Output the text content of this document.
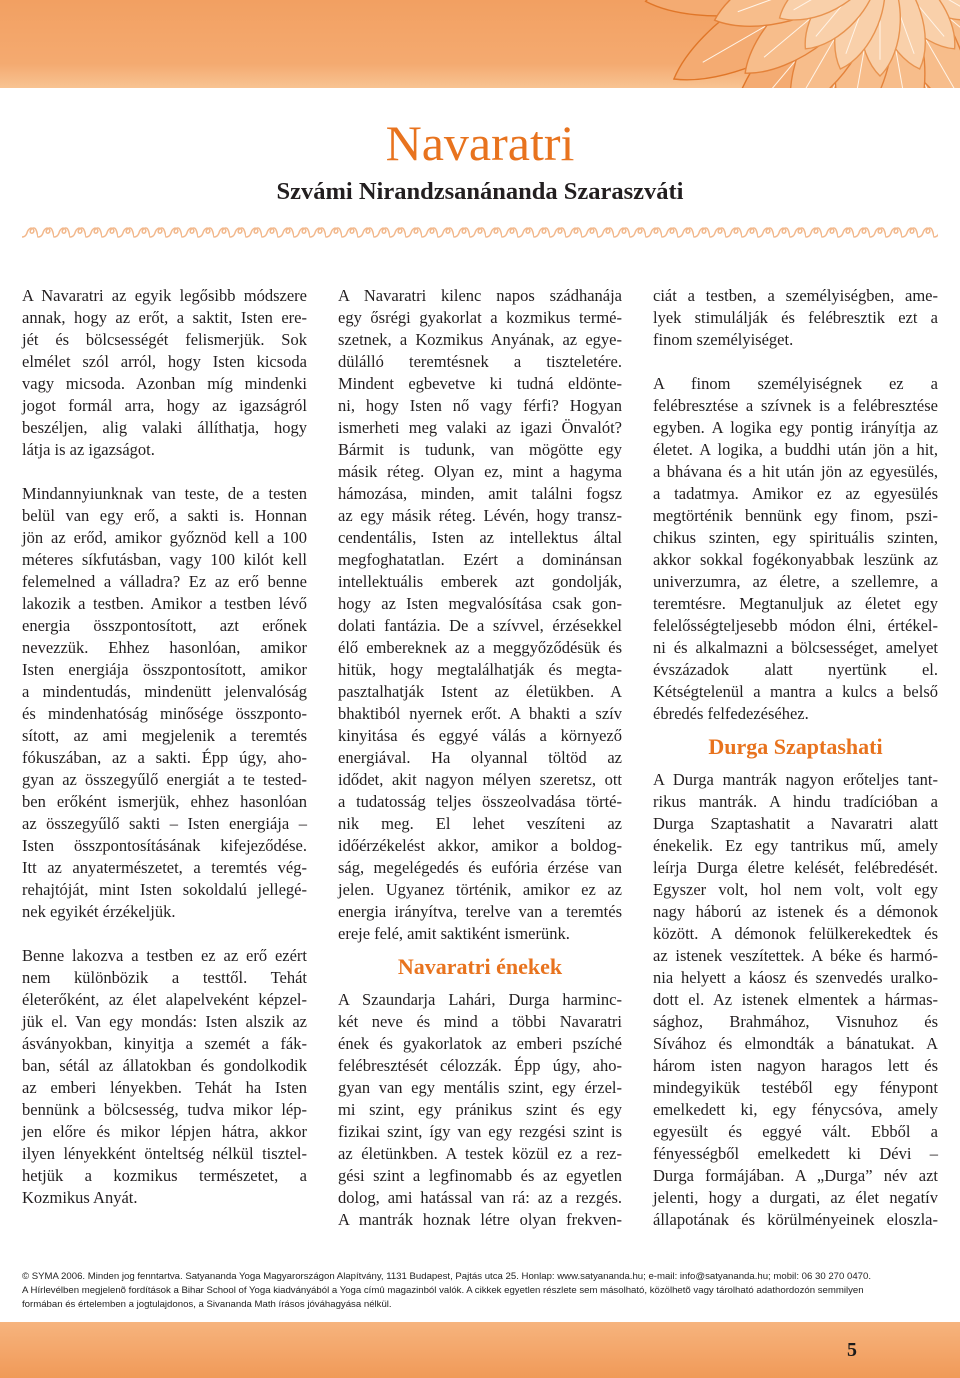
Navaratri
Szvámi Nirandzsanánanda Szaraszváti
A Navaratri az egyik legősibb módszere
annak, hogy az erőt, a saktit, Isten ere-
jét és bölcsességét felismerjük. Sok
elmélet szól arról, hogy Isten kicsoda
vagy micsoda. Azonban míg mindenki
jogot formál arra, hogy az igazságról
beszéljen, alig valaki állíthatja, hogy
látja is az igazságot.
Mindannyiunknak van teste, de a testen
belül van egy erő, a sakti is. Honnan
jön az erőd, amikor győznöd kell a 100
méteres síkfutásban, vagy 100 kilót kell
felemelned a válladra? Ez az erő benne
lakozik a testben. Amikor a testben lévő
energia összpontosított, azt erőnek
nevezzük. Ehhez hasonlóan, amikor
Isten energiája összpontosított, amikor
a mindentudás, mindenütt jelenvalóság
és mindenhatóság minősége összponto-
sított, az ami megjelenik a teremtés
fókuszában, az a sakti. Épp úgy, aho-
gyan az összegyűlő energiát a te tested-
ben erőként ismerjük, ehhez hasonlóan
az összegyűlő sakti – Isten energiája –
Isten összpontosításának kifejeződése.
Itt az anyatermészetet, a teremtés vég-
rehajtóját, mint Isten sokoldalú jellegé-
nek egyikét érzékeljük.
Benne lakozva a testben ez az erő ezért
nem különbözik a testtől. Tehát
életerőként, az élet alapelveként képzel-
jük el. Van egy mondás: Isten alszik az
ásványokban, kinyitja a szemét a fák-
ban, sétál az állatokban és gondolkodik
az emberi lényekben. Tehát ha Isten
bennünk a bölcsesség, tudva mikor lép-
jen előre és mikor lépjen hátra, akkor
ilyen lényekként önteltség nélkül tisztel-
hetjük a kozmikus természetet, a
Kozmikus Anyát.
A Navaratri kilenc napos szádhanája
egy ősrégi gyakorlat a kozmikus termé-
szetnek, a Kozmikus Anyának, az egye-
dülálló teremtésnek a tiszteletére.
Mindent egbevetve ki tudná eldönte-
ni, hogy Isten nő vagy férfi? Hogyan
ismerheti meg valaki az igazi Önvalót?
Bármit is tudunk, van mögötte egy
másik réteg. Olyan ez, mint a hagyma
hámozása, minden, amit találni fogsz
az egy másik réteg. Lévén, hogy transz-
cendentális, Isten az intellektus által
megfoghatatlan. Ezért a dominánsan
intellektuális emberek azt gondolják,
hogy az Isten megvalósítása csak gon-
dolati fantázia. De a szívvel, érzésekkel
élő embereknek az a meggyőződésük és
hitük, hogy megtalálhatják és megta-
pasztalhatják Istent az életükben. A
bhaktiból nyernek erőt. A bhakti a szív
kinyitása és eggyé válás a környező
energiával. Ha olyannal töltöd az
idődet, akit nagyon mélyen szeretsz, ott
a tudatosság teljes összeolvadása törté-
nik meg. El lehet veszíteni az
időérzékelést akkor, amikor a boldog-
ság, megelégedés és eufória érzése van
jelen. Ugyanez történik, amikor ez az
energia irányítva, terelve van a teremtés
ereje felé, amit saktiként ismerünk.
Navaratri énekek
A Szaundarja Lahári, Durga harminc-
két neve és mind a többi Navaratri
ének és gyakorlatok az emberi pszíché
felébresztését célozzák. Épp úgy, aho-
gyan van egy mentális szint, egy érzel-
mi szint, egy pránikus szint és egy
fizikai szint, így van egy rezgési szint is
az életünkben. A testek közül ez a rez-
gési szint a legfinomabb és az egyetlen
dolog, ami hatással van rá: az a rezgés.
A mantrák hoznak létre olyan frekven-
ciát a testben, a személyiségben, ame-
lyek stimulálják és felébresztik ezt a
finom személyiséget.
A finom személyiségnek ez a
felébresztése a szívnek is a felébresztése
egyben. A logika egy pontig irányítja az
életet. A logika, a buddhi után jön a hit,
a bhávana és a hit után jön az egyesülés,
a tadatmya. Amikor ez az egyesülés
megtörténik bennünk egy finom, pszi-
chikus szinten, egy spirituális szinten,
akkor sokkal fogékonyabbak leszünk az
univerzumra, az életre, a szellemre, a
teremtésre. Megtanuljuk az életet egy
felelősségteljesebb módon élni, értékel-
ni és alkalmazni a bölcsességet, amelyet
évszázadok alatt nyertünk el.
Kétségtelenül a mantra a kulcs a belső
ébredés felfedezéséhez.
Durga Szaptashati
A Durga mantrák nagyon erőteljes tant-
rikus mantrák. A hindu tradícióban a
Durga Szaptashatit a Navaratri alatt
énekelik. Ez egy tantrikus mű, amely
leírja Durga életre kelését, felébredését.
Egyszer volt, hol nem volt, volt egy
nagy háború az istenek és a démonok
között. A démonok felülkerekedtek és
az istenek veszítettek. A béke és harmó-
nia helyett a káosz és szenvedés uralko-
dott el. Az istenek elmentek a hármas-
sághoz, Brahmához, Visnuhoz és
Sívához és elmondták a bánatukat. A
három isten nagyon haragos lett és
mindegyikük testéből egy fénypont
emelkedett ki, egy fénycsóva, amely
egyesült és eggyé vált. Ebből a
fényességből emelkedett ki Dévi –
Durga formájában. A „Durga” név azt
jelenti, hogy a durgati, az élet negatív
állapotának és körülményeinek eloszla-
© SYMA 2006. Minden jog fenntartva. Satyananda Yoga Magyarországon Alapítvány, 1131 Budapest, Pajtás utca 25. Honlap: www.satyananda.hu; e-mail: info@satyananda.hu; mobil: 06 30 270 0470.
A Hírlevélben megjelenõ fordítások a Bihar School of Yoga kiadványából a Yoga címû magazinból valók. A cikkek egyetlen részlete sem másolható, közölhetõ vagy tárolható adathordozón semmilyen
formában és értelemben a jogtulajdonos, a Sivananda Math írásos jóváhagyása nélkül.
5
